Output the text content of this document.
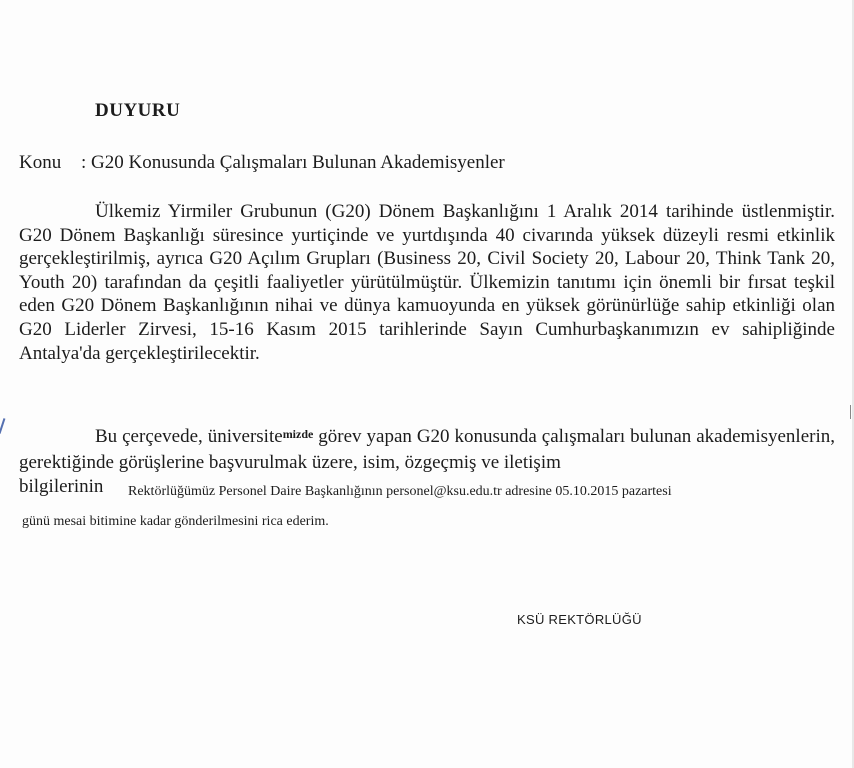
DUYURU
Konu : G20 Konusunda Çalışmaları Bulunan Akademisyenler
Ülkemiz Yirmiler Grubunun (G20) Dönem Başkanlığını 1 Aralık 2014 tarihinde üstlenmiştir. G20 Dönem Başkanlığı süresince yurtiçinde ve yurtdışında 40 civarında yüksek düzeyli resmi etkinlik gerçekleştirilmiş, ayrıca G20 Açılım Grupları (Business 20, Civil Society 20, Labour 20, Think Tank 20, Youth 20) tarafından da çeşitli faaliyetler yürütülmüştür. Ülkemizin tanıtımı için önemli bir fırsat teşkil eden G20 Dönem Başkanlığının nihai ve dünya kamuoyunda en yüksek görünürlüğe sahip etkinliği olan G20 Liderler Zirvesi, 15-16 Kasım 2015 tarihlerinde Sayın Cumhurbaşkanımızın ev sahipliğinde Antalya'da gerçekleştirilecektir.
Bu çerçevede, üniversite$^{mizde}$ görev yapan G20 konusunda çalışmaları bulunan akademisyenlerin, gerektiğinde görüşlerine başvurulmak üzere, isim, özgeçmiş ve iletişim
bilgilerinin Rektörlüğümüz Personel Daire Başkanlığının personel@ksu.edu.tr adresine 05.10.2015 pazartesi
günü mesai bitimine kadar gönderilmesini rica ederim.
KSÜ REKTÖRLÜĞÜ
